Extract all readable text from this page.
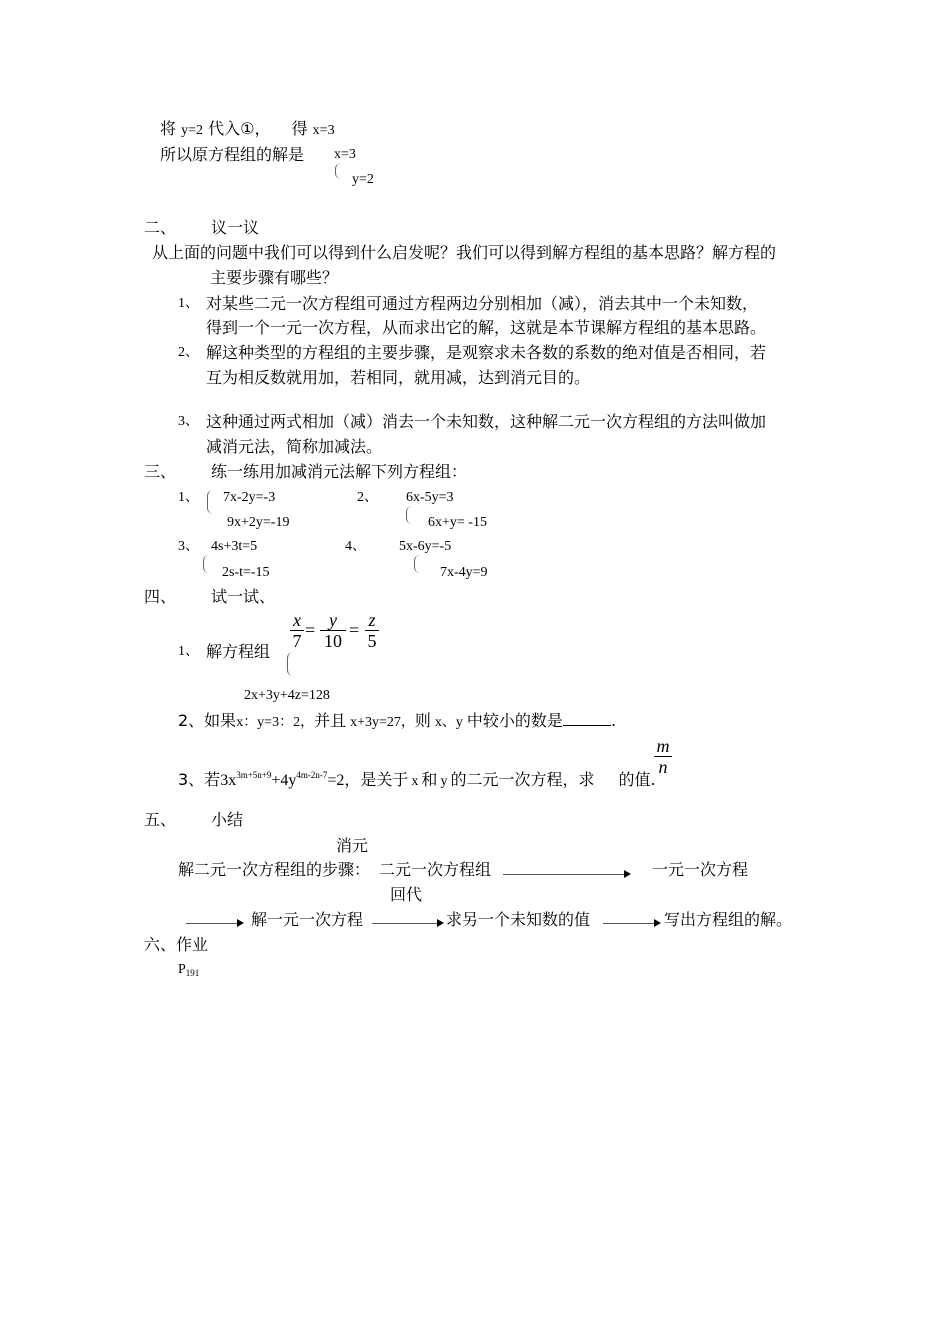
将 y=2 代入①， 得 x=3
所以原方程组的解是 x=3
y=2
二、 议一议
从上面的问题中我们可以得到什么启发呢？我们可以得到解方程组的基本思路？解方程的
主要步骤有哪些？
1、 对某些二元一次方程组可通过方程两边分别相加（减），消去其中一个未知数，
得到一个一元一次方程，从而求出它的解，这就是本节课解方程组的基本思路。
2、 解这种类型的方程组的主要步骤，是观察求未各数的系数的绝对值是否相同，若
互为相反数就用加，若相同，就用减，达到消元目的。
3、 这种通过两式相加（减）消去一个未知数，这种解二元一次方程组的方法叫做加
减消元法，简称加减法。
三、 练一练用加减消元法解下列方程组：
1、 7x-2y=-3
9x+2y=-19
2、 6x-5y=3
6x+y= -15
3、 4s+3t=5
2s-t=-15
4、 5x-6y=-5
7x-4y=9
四、 试一试、
1、 解方程组
$\frac{x}{7} = \frac{y}{10} = \frac{z}{5}$
2x+3y+4z=128
2、如果x：y=3：2，并且 x+3y=27，则 x、y 中较小的数是	.
$\frac{m}{n}$
3、若$3x^{3m+5n+9}+4y^{4m-2n-7}=2$，是关于 x 和 y 的二元一次方程，求 的值.
五、 小结
消元
解二元一次方程组的步骤： 二元一次方程组	一元一次方程
回代
解一元一次方程	求另一个未知数的值	写出方程组的解。
六、作业
$P_{191}$
